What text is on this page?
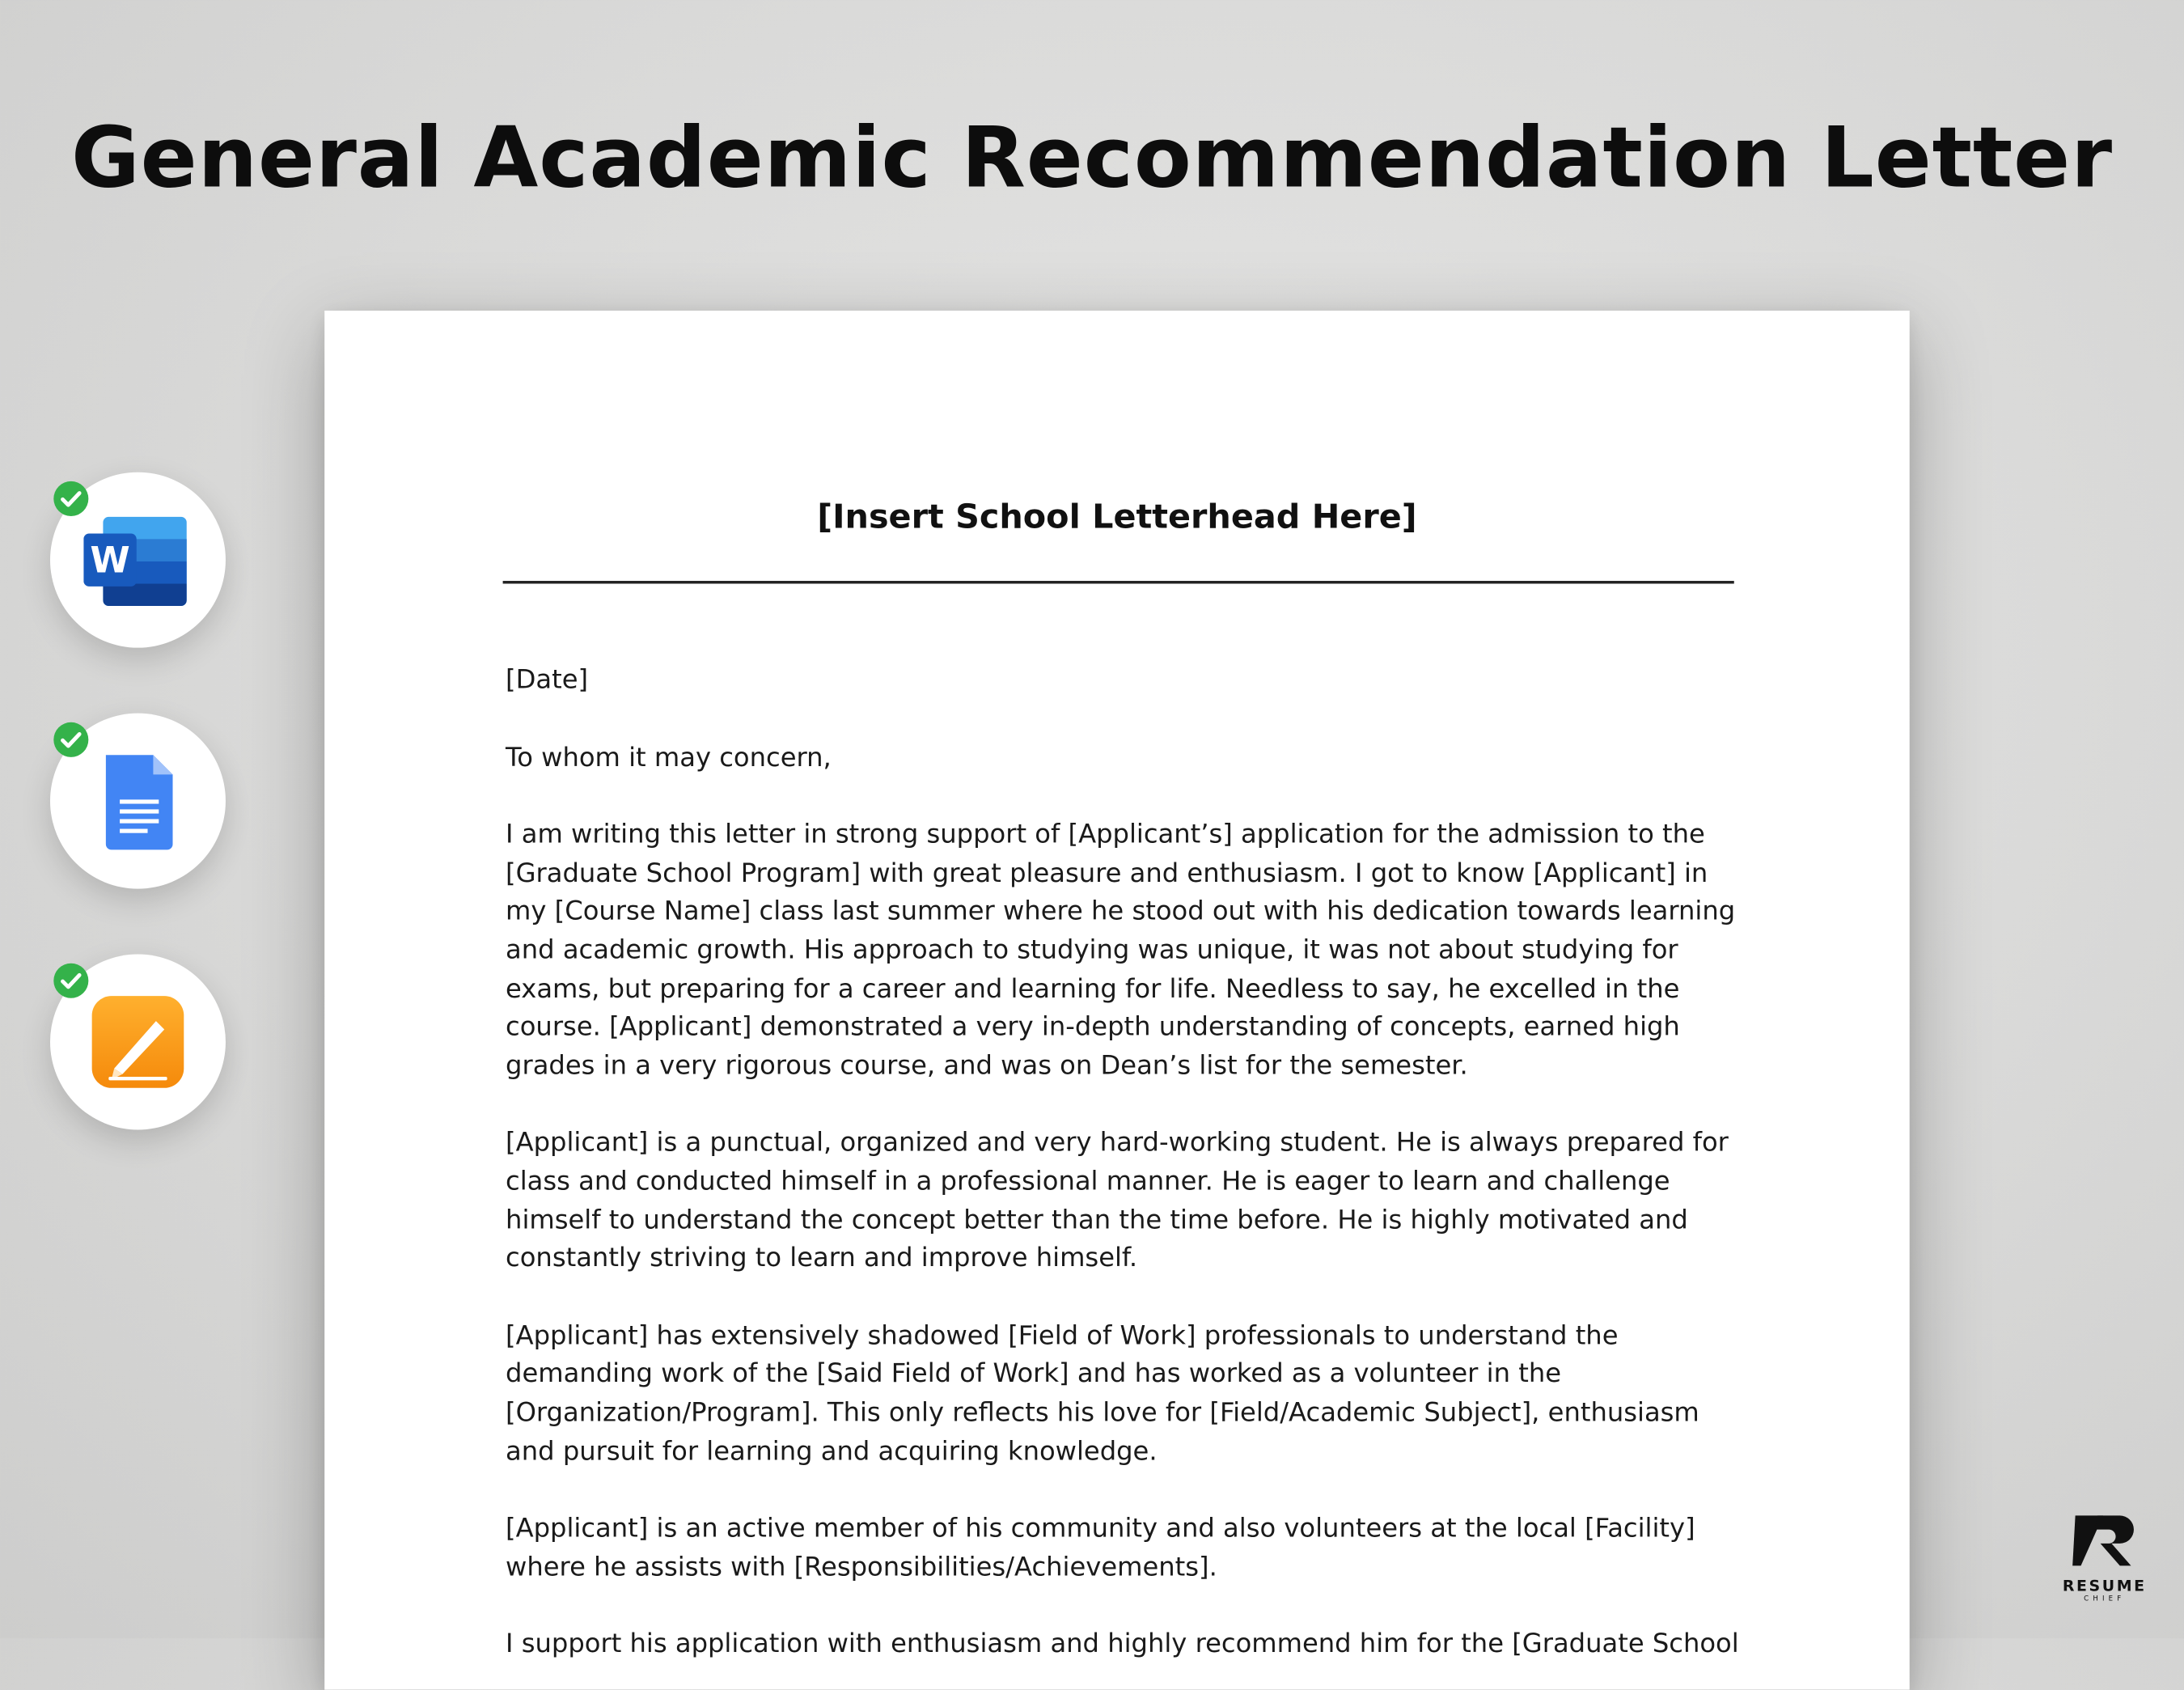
General Academic Recommendation Letter
[Insert School Letterhead Here]

[Date]

To whom it may concern,

I am writing this letter in strong support of [Applicant’s] application for the admission to the [Graduate School Program] with great pleasure and enthusiasm. I got to know [Applicant] in my [Course Name] class last summer where he stood out with his dedication towards learning and academic growth. His approach to studying was unique, it was not about studying for exams, but preparing for a career and learning for life. Needless to say, he excelled in the course. [Applicant] demonstrated a very in-depth understanding of concepts, earned high grades in a very rigorous course, and was on Dean’s list for the semester.

[Applicant] is a punctual, organized and very hard-working student. He is always prepared for class and conducted himself in a professional manner. He is eager to learn and challenge himself to understand the concept better than the time before. He is highly motivated and constantly striving to learn and improve himself.

[Applicant] has extensively shadowed [Field of Work] professionals to understand the demanding work of the [Said Field of Work] and has worked as a volunteer in the [Organization/Program]. This only reflects his love for [Field/Academic Subject], enthusiasm and pursuit for learning and acquiring knowledge.

[Applicant] is an active member of his community and also volunteers at the local [Facility] where he assists with [Responsibilities/Achievements].

I support his application with enthusiasm and highly recommend him for the [Graduate School

W
RESUME
CHIEF
